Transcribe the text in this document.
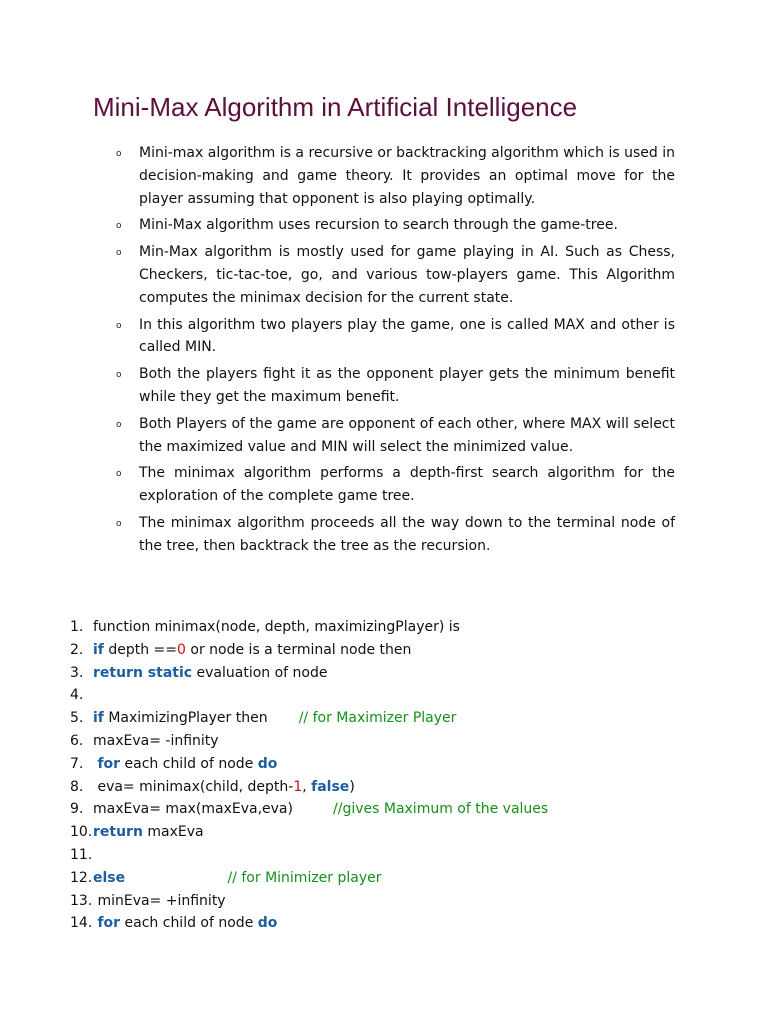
Mini-Max Algorithm in Artificial Intelligence
o Mini-max algorithm is a recursive or backtracking algorithm which is used in decision-making and game theory. It provides an optimal move for the player assuming that opponent is also playing optimally.
o Mini-Max algorithm uses recursion to search through the game-tree.
o Min-Max algorithm is mostly used for game playing in AI. Such as Chess, Checkers, tic-tac-toe, go, and various tow-players game. This Algorithm computes the minimax decision for the current state.
o In this algorithm two players play the game, one is called MAX and other is called MIN.
o Both the players fight it as the opponent player gets the minimum benefit while they get the maximum benefit.
o Both Players of the game are opponent of each other, where MAX will select the maximized value and MIN will select the minimized value.
o The minimax algorithm performs a depth-first search algorithm for the exploration of the complete game tree.
o The minimax algorithm proceeds all the way down to the terminal node of the tree, then backtrack the tree as the recursion.
1. function minimax(node, depth, maximizingPlayer) is
2. if depth ==0 or node is a terminal node then
3. return static evaluation of node
4.
5. if MaximizingPlayer then       // for Maximizer Player
6. maxEva= -infinity
7.	for each child of node do
8. eva= minimax(child, depth-1, false)
9. maxEva= max(maxEva,eva)         //gives Maximum of the values
10. return maxEva
11.
12. else	// for Minimizer player
13. minEva= +infinity
14. for each child of node do
